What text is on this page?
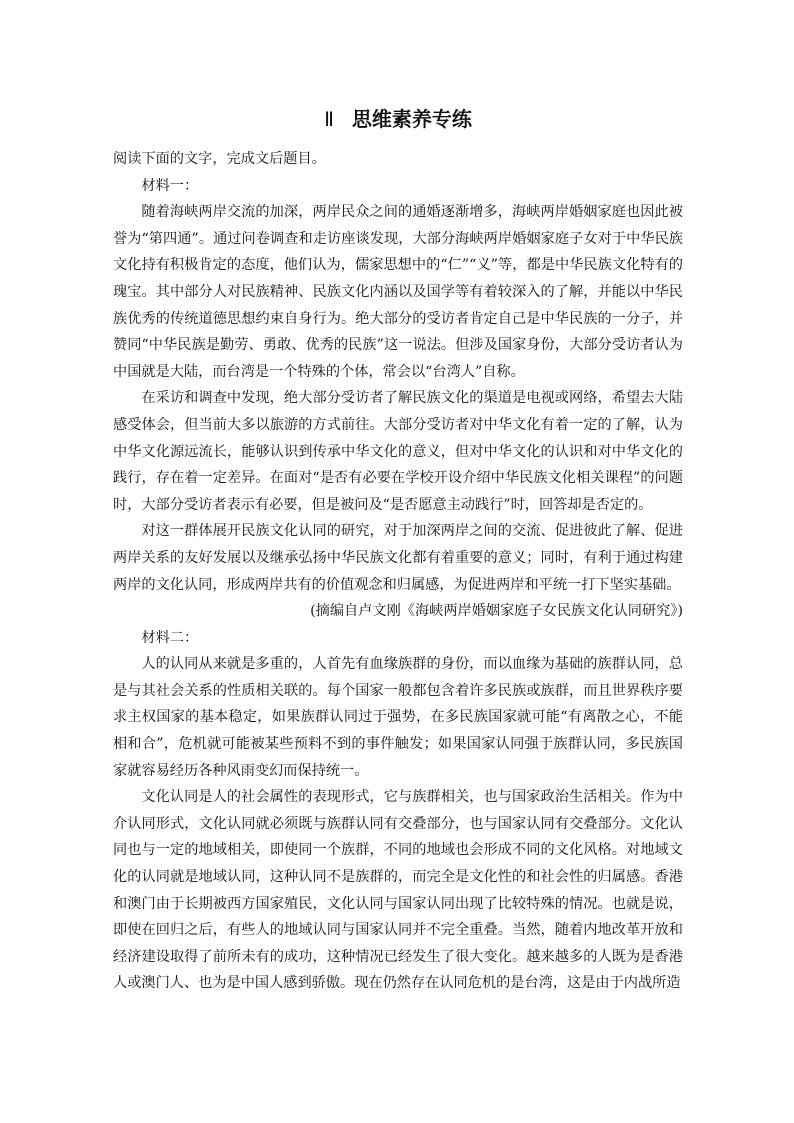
Ⅱ 思维素养专练

阅读下面的文字，完成文后题目。

材料一：

随着海峡两岸交流的加深，两岸民众之间的通婚逐渐增多，海峡两岸婚姻家庭也因此被誉为“第四通”。通过问卷调查和走访座谈发现，大部分海峡两岸婚姻家庭子女对于中华民族文化持有积极肯定的态度，他们认为，儒家思想中的“仁”“义”等，都是中华民族文化特有的瑰宝。其中部分人对民族精神、民族文化内涵以及国学等有着较深入的了解，并能以中华民族优秀的传统道德思想约束自身行为。绝大部分的受访者肯定自己是中华民族的一分子，并赞同“中华民族是勤劳、勇敢、优秀的民族”这一说法。但涉及国家身份，大部分受访者认为中国就是大陆，而台湾是一个特殊的个体，常会以“台湾人”自称。

在采访和调查中发现，绝大部分受访者了解民族文化的渠道是电视或网络，希望去大陆感受体会，但当前大多以旅游的方式前往。大部分受访者对中华文化有着一定的了解，认为中华文化源远流长，能够认识到传承中华文化的意义，但对中华文化的认识和对中华文化的践行，存在着一定差异。在面对“是否有必要在学校开设介绍中华民族文化相关课程”的问题时，大部分受访者表示有必要，但是被问及“是否愿意主动践行”时，回答却是否定的。

对这一群体展开民族文化认同的研究，对于加深两岸之间的交流、促进彼此了解、促进两岸关系的友好发展以及继承弘扬中华民族文化都有着重要的意义；同时，有利于通过构建两岸的文化认同，形成两岸共有的价值观念和归属感，为促进两岸和平统一打下坚实基础。

(摘编自卢文刚《海峡两岸婚姻家庭子女民族文化认同研究》)

材料二：

人的认同从来就是多重的，人首先有血缘族群的身份，而以血缘为基础的族群认同，总是与其社会关系的性质相关联的。每个国家一般都包含着许多民族或族群，而且世界秩序要求主权国家的基本稳定，如果族群认同过于强势，在多民族国家就可能“有离散之心，不能相和合”，危机就可能被某些预料不到的事件触发；如果国家认同强于族群认同，多民族国家就容易经历各种风雨变幻而保持统一。

文化认同是人的社会属性的表现形式，它与族群相关，也与国家政治生活相关。作为中介认同形式，文化认同就必须既与族群认同有交叠部分，也与国家认同有交叠部分。文化认同也与一定的地域相关，即使同一个族群，不同的地域也会形成不同的文化风格。对地域文化的认同就是地域认同，这种认同不是族群的，而完全是文化性的和社会性的归属感。香港和澳门由于长期被西方国家殖民，文化认同与国家认同出现了比较特殊的情况。也就是说，即使在回归之后，有些人的地域认同与国家认同并不完全重叠。当然，随着内地改革开放和经济建设取得了前所未有的成功，这种情况已经发生了很大变化。越来越多的人既为是香港人或澳门人、也为是中国人感到骄傲。现在仍然存在认同危机的是台湾，这是由于内战所造
